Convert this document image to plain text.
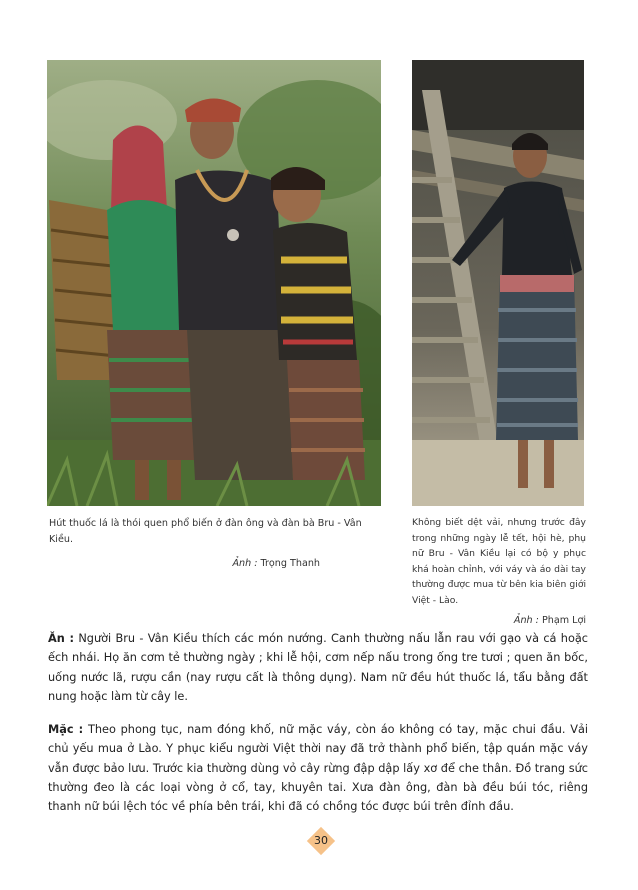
Hút thuốc lá là thói quen phổ biến ở đàn ông và đàn bà Bru - Vân Kiều.
Ảnh : Trọng Thanh
Không biết dệt vải, nhưng trước đây trong những ngày lễ tết, hội hè, phụ nữ Bru - Vân Kiều lại có bộ y phục khá hoàn chỉnh, với váy và áo dài tay thường được mua từ bên kia biên giới Việt - Lào.
Ảnh : Phạm Lợi

Ăn : Người Bru - Vân Kiều thích các món nướng. Canh thường nấu lẫn rau với gạo và cá hoặc ếch nhái. Họ ăn cơm tẻ thường ngày ; khi lễ hội, cơm nếp nấu trong ống tre tươi ; quen ăn bốc, uống nước lã, rượu cần (nay rượu cất là thông dụng). Nam nữ đều hút thuốc lá, tẩu bằng đất nung hoặc làm từ cây le.

Mặc : Theo phong tục, nam đóng khố, nữ mặc váy, còn áo không có tay, mặc chui đầu. Vải chủ yếu mua ở Lào. Y phục kiểu người Việt thời nay đã trở thành phổ biến, tập quán mặc váy vẫn được bảo lưu. Trước kia thường dùng vỏ cây rừng đập dập lấy xơ để che thân. Đồ trang sức thường đeo là các loại vòng ở cổ, tay, khuyên tai. Xưa đàn ông, đàn bà đều búi tóc, riêng thanh nữ búi lệch tóc về phía bên trái, khi đã có chồng tóc được búi trên đỉnh đầu.

30
